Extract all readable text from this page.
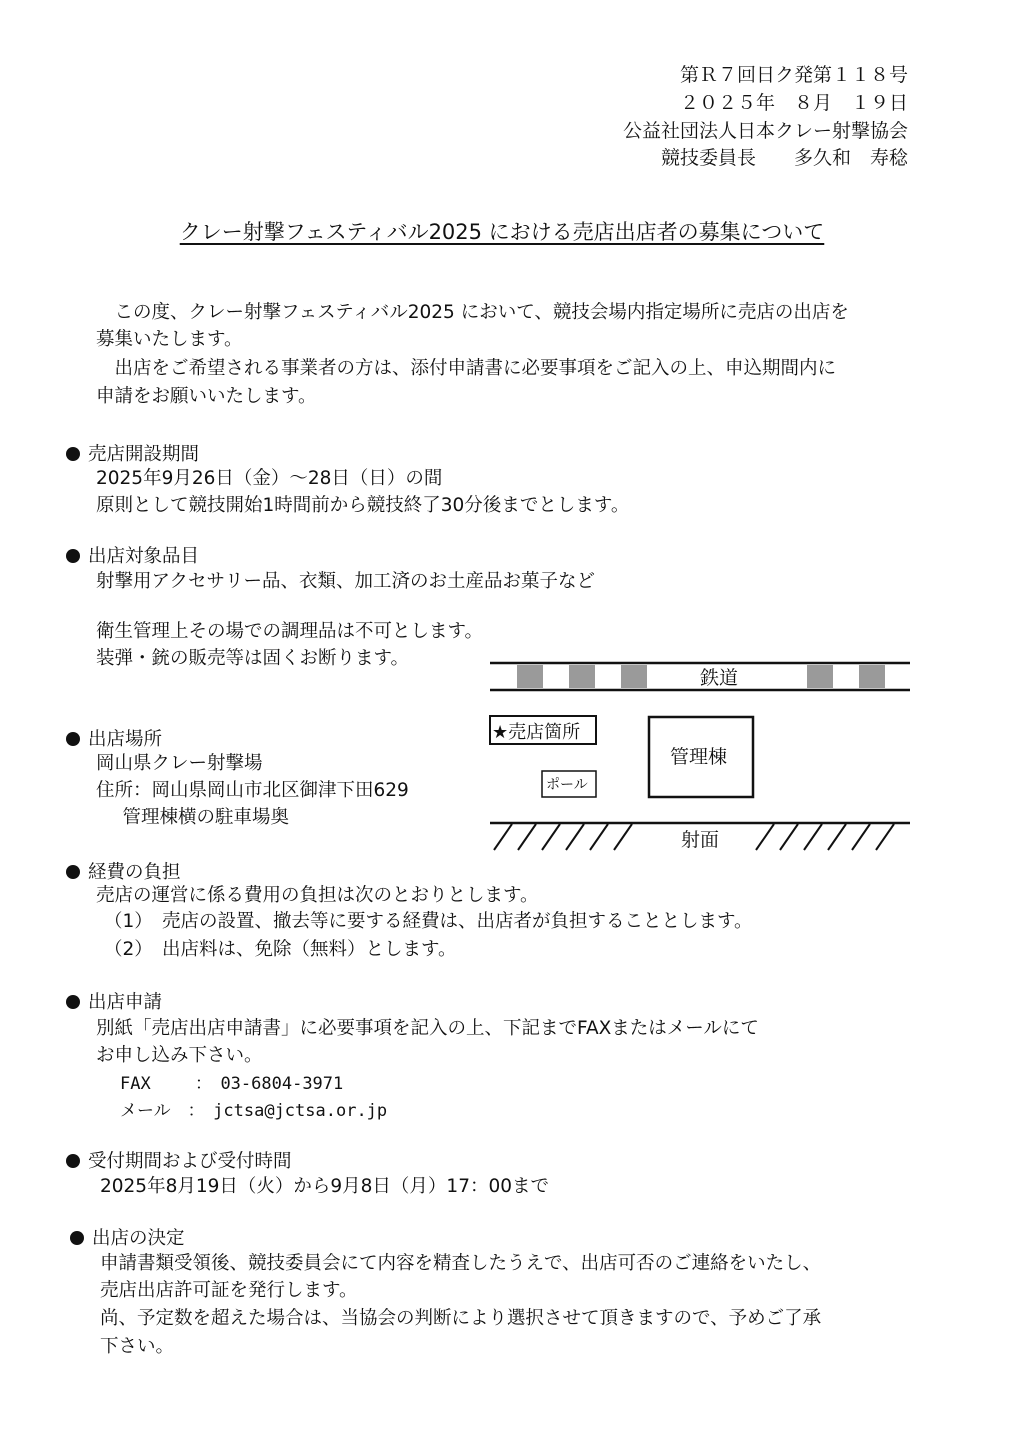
第Ｒ７回日ク発第１１８号
２０２５年　８月　１９日
公益社団法人日本クレー射撃協会
競技委員長　　多久和　寿稔
クレー射撃フェスティバル2025 における売店出店者の募集について
　この度、クレー射撃フェスティバル2025 において、競技会場内指定場所に売店の出店を
募集いたします。
　出店をご希望される事業者の方は、添付申請書に必要事項をご記入の上、申込期間内に
申請をお願いいたします。
売店開設期間
2025年9月26日（金）～28日（日）の間
原則として競技開始1時間前から競技終了30分後までとします。
出店対象品目
射撃用アクセサリー品、衣類、加工済のお土産品お菓子など
衛生管理上その場での調理品は不可とします。
装弾・銃の販売等は固くお断ります。
出店場所
岡山県クレー射撃場
住所：岡山県岡山市北区御津下田629
　管理棟横の駐車場奥
鉄道
★売店箇所
ポール
管理棟
射面
経費の負担
売店の運営に係る費用の負担は次のとおりとします。
（1）　売店の設置、撤去等に要する経費は、出店者が負担することとします。
（2）　出店料は、免除（無料）とします。
出店申請
別紙「売店出店申請書」に必要事項を記入の上、下記までFAXまたはメールにて
お申し込み下さい。
FAX　　 ：　03-6804-3971
メール　：　jctsa@jctsa.or.jp
受付期間および受付時間
2025年8月19日（火）から9月8日（月）17：00まで
出店の決定
申請書類受領後、競技委員会にて内容を精査したうえで、出店可否のご連絡をいたし、
売店出店許可証を発行します。
尚、予定数を超えた場合は、当協会の判断により選択させて頂きますので、予めご了承
下さい。
